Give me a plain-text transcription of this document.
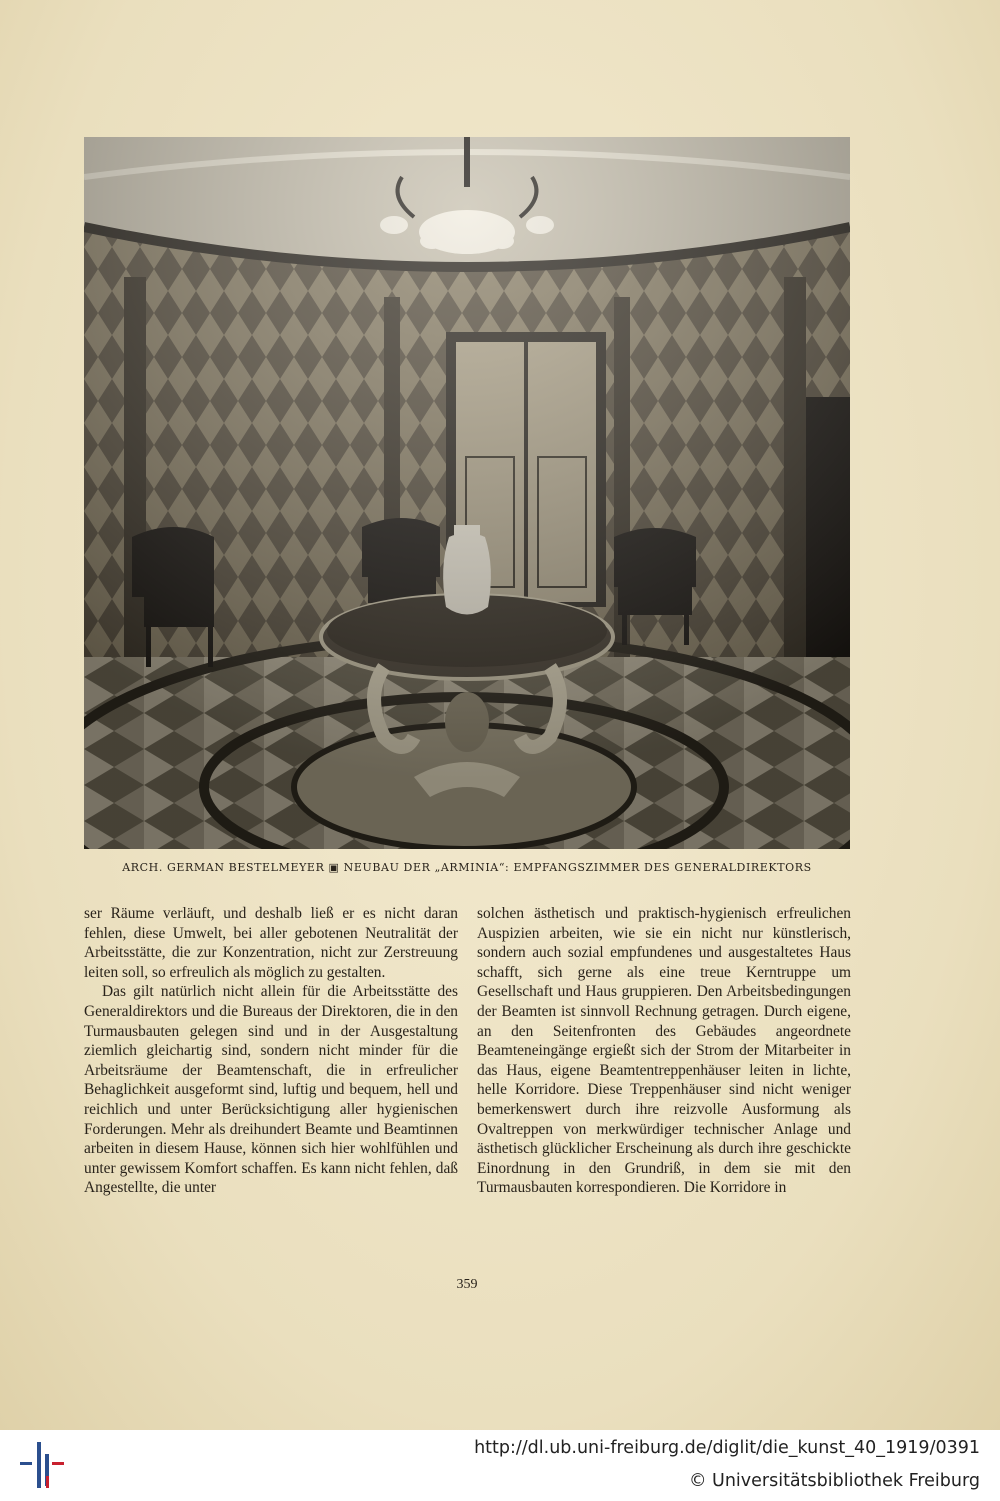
ARCH. GERMAN BESTELMEYER ▣ NEUBAU DER „ARMINIA“: EMPFANGSZIMMER DES GENERALDIREKTORS

ser Räume verläuft, und deshalb ließ er es nicht daran fehlen, diese Umwelt, bei aller gebotenen Neutralität der Arbeitsstätte, die zur Konzentration, nicht zur Zerstreuung leiten soll, so erfreulich als möglich zu gestalten.

Das gilt natürlich nicht allein für die Arbeitsstätte des Generaldirektors und die Bureaus der Direktoren, die in den Turmausbauten gelegen sind und in der Ausgestaltung ziemlich gleichartig sind, sondern nicht minder für die Arbeitsräume der Beamtenschaft, die in erfreulicher Behaglichkeit ausgeformt sind, luftig und bequem, hell und reichlich und unter Berücksichtigung aller hygienischen Forderungen. Mehr als dreihundert Beamte und Beamtinnen arbeiten in diesem Hause, können sich hier wohlfühlen und unter gewissem Komfort schaffen. Es kann nicht fehlen, daß Angestellte, die unter

solchen ästhetisch und praktisch-hygienisch erfreulichen Auspizien arbeiten, wie sie ein nicht nur künstlerisch, sondern auch sozial empfundenes und ausgestaltetes Haus schafft, sich gerne als eine treue Kerntruppe um Gesellschaft und Haus gruppieren. Den Arbeitsbedingungen der Beamten ist sinnvoll Rechnung getragen. Durch eigene, an den Seitenfronten des Gebäudes angeordnete Beamteneingänge ergießt sich der Strom der Mitarbeiter in das Haus, eigene Beamtentreppenhäuser leiten in lichte, helle Korridore. Diese Treppenhäuser sind nicht weniger bemerkenswert durch ihre reizvolle Ausformung als Ovaltreppen von merkwürdiger technischer Anlage und ästhetisch glücklicher Erscheinung als durch ihre geschickte Einordnung in den Grundriß, in dem sie mit den Turmausbauten korrespondieren. Die Korridore in

359
http://dl.ub.uni-freiburg.de/diglit/die_kunst_40_1919/0391
© Universitätsbibliothek Freiburg
